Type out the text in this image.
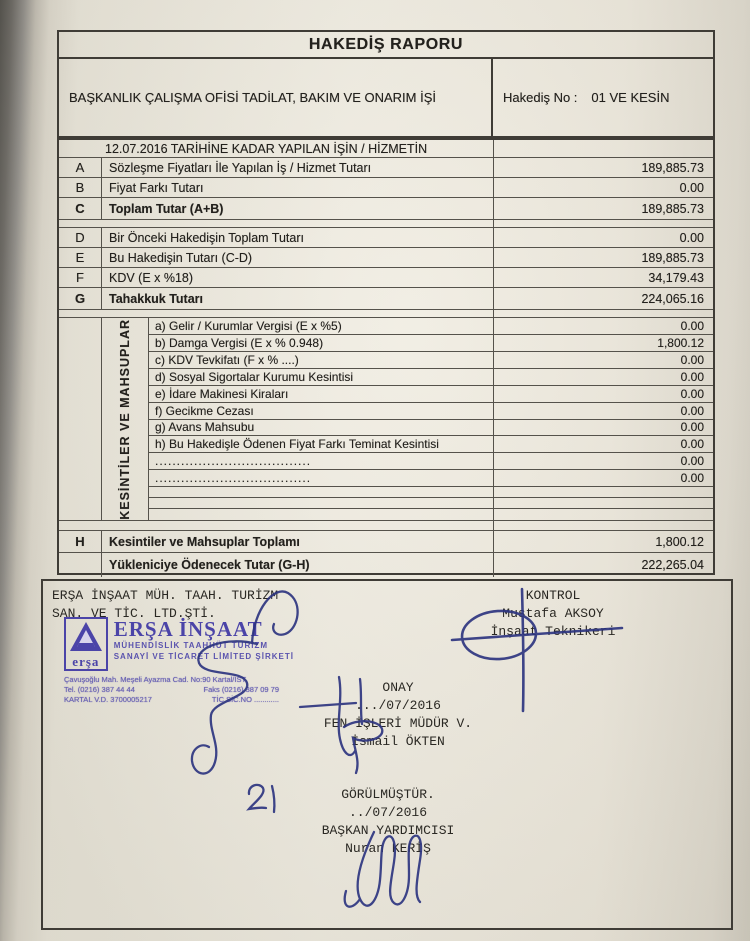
HAKEDİŞ RAPORU
BAŞKANLIK ÇALIŞMA OFİSİ TADİLAT, BAKIM VE ONARIM İŞİ	Hakediş No : 01 VE KESİN
12.07.2016 TARİHİNE KADAR YAPILAN İŞİN / HİZMETİN
A	Sözleşme Fiyatları İle Yapılan İş / Hizmet Tutarı	189,885.73
B	Fiyat Farkı Tutarı	0.00
C	Toplam Tutar (A+B)	189,885.73
D	Bir Önceki Hakedişin Toplam Tutarı	0.00
E	Bu Hakedişin Tutarı (C-D)	189,885.73
F	KDV (E x %18)	34,179.43
G	Tahakkuk Tutarı	224,065.16
KESİNTİLER VE MAHSUPLAR	a) Gelir / Kurumlar Vergisi (E x %5)	0.00
b) Damga Vergisi (E x % 0.948)	1,800.12
c) KDV Tevkifatı (F x % ....)	0.00
d) Sosyal Sigortalar Kurumu Kesintisi	0.00
e) İdare Makinesi Kiraları	0.00
f) Gecikme Cezası	0.00
g) Avans Mahsubu	0.00
h) Bu Hakedişle Ödenen Fiyat Farkı Teminat Kesintisi	0.00
....................................	0.00
....................................	0.00
H	Kesintiler ve Mahsuplar Toplamı	1,800.12
Yükleniciye Ödenecek Tutar (G-H)	222,265.04
ERŞA İNŞAAT MÜH. TAAH. TURİZM
SAN. VE TİC. LTD.ŞTİ.
KONTROL
Mustafa AKSOY
İnşaat Teknikeri
erşa
ERŞA İNŞAAT
MÜHENDİSLİK TAAHHÜT TURİZM
SANAYİ VE TİCARET LİMİTED ŞİRKETİ
Çavuşoğlu Mah. Meşeli Ayazma Cad. No:90 Kartal/İST.
Tel. (0216) 387 44 44	Faks (0216) 387 09 79
KARTAL V.D. 3700005217	TİC.SİC.NO ............
ONAY
.../07/2016
FEN İŞLERİ MÜDÜR V.
İsmail ÖKTEN
GÖRÜLMÜŞTÜR.
../07/2016
BAŞKAN YARDIMCISI
Nuran KERİŞ
